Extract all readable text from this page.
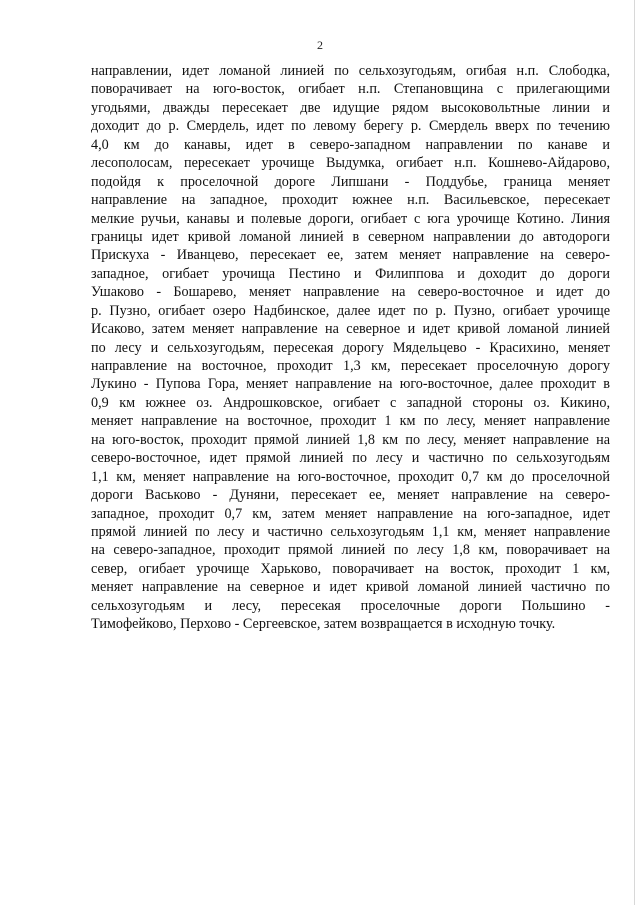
2
направлении, идет ломаной линией по сельхозугодьям, огибая н.п. Слободка,
поворачивает на юго-восток, огибает н.п. Степановщина с прилегающими
угодьями, дважды пересекает две идущие рядом высоковольтные линии и
доходит до р. Смердель, идет по левому берегу р. Смердель вверх по течению
4,0 км до канавы, идет в северо-западном направлении по канаве и
лесополосам, пересекает урочище Выдумка, огибает н.п. Кошнево-Айдарово,
подойдя к проселочной дороге Липшани - Поддубье, граница меняет
направление на западное, проходит южнее н.п. Васильевское, пересекает
мелкие ручьи, канавы и полевые дороги, огибает с юга урочище Котино. Линия
границы идет кривой ломаной линией в северном направлении до автодороги
Прискуха - Иванцево, пересекает ее, затем меняет направление на северо-
западное, огибает урочища Пестино и Филиппова и доходит до дороги
Ушаково - Бошарево, меняет направление на северо-восточное и идет до
р. Пузно, огибает озеро Надбинское, далее идет по р. Пузно, огибает урочище
Исаково, затем меняет направление на северное и идет кривой ломаной линией
по лесу и сельхозугодьям, пересекая дорогу Мядельцево - Красихино, меняет
направление на восточное, проходит 1,3 км, пересекает проселочную дорогу
Лукино - Пупова Гора, меняет направление на юго-восточное, далее проходит в
0,9 км южнее оз. Андрошковское, огибает с западной стороны оз. Кикино,
меняет направление на восточное, проходит 1 км по лесу, меняет направление
на юго-восток, проходит прямой линией 1,8 км по лесу, меняет направление на
северо-восточное, идет прямой линией по лесу и частично по сельхозугодьям
1,1 км, меняет направление на юго-восточное, проходит 0,7 км до проселочной
дороги Васьково - Дуняни, пересекает ее, меняет направление на северо-
западное, проходит 0,7 км, затем меняет направление на юго-западное, идет
прямой линией по лесу и частично сельхозугодьям 1,1 км, меняет направление
на северо-западное, проходит прямой линией по лесу 1,8 км, поворачивает на
север, огибает урочище Харьково, поворачивает на восток, проходит 1 км,
меняет направление на северное и идет кривой ломаной линией частично по
сельхозугодьям и лесу, пересекая проселочные дороги Польшино -
Тимофейково, Перхово - Сергеевское, затем возвращается в исходную точку.
